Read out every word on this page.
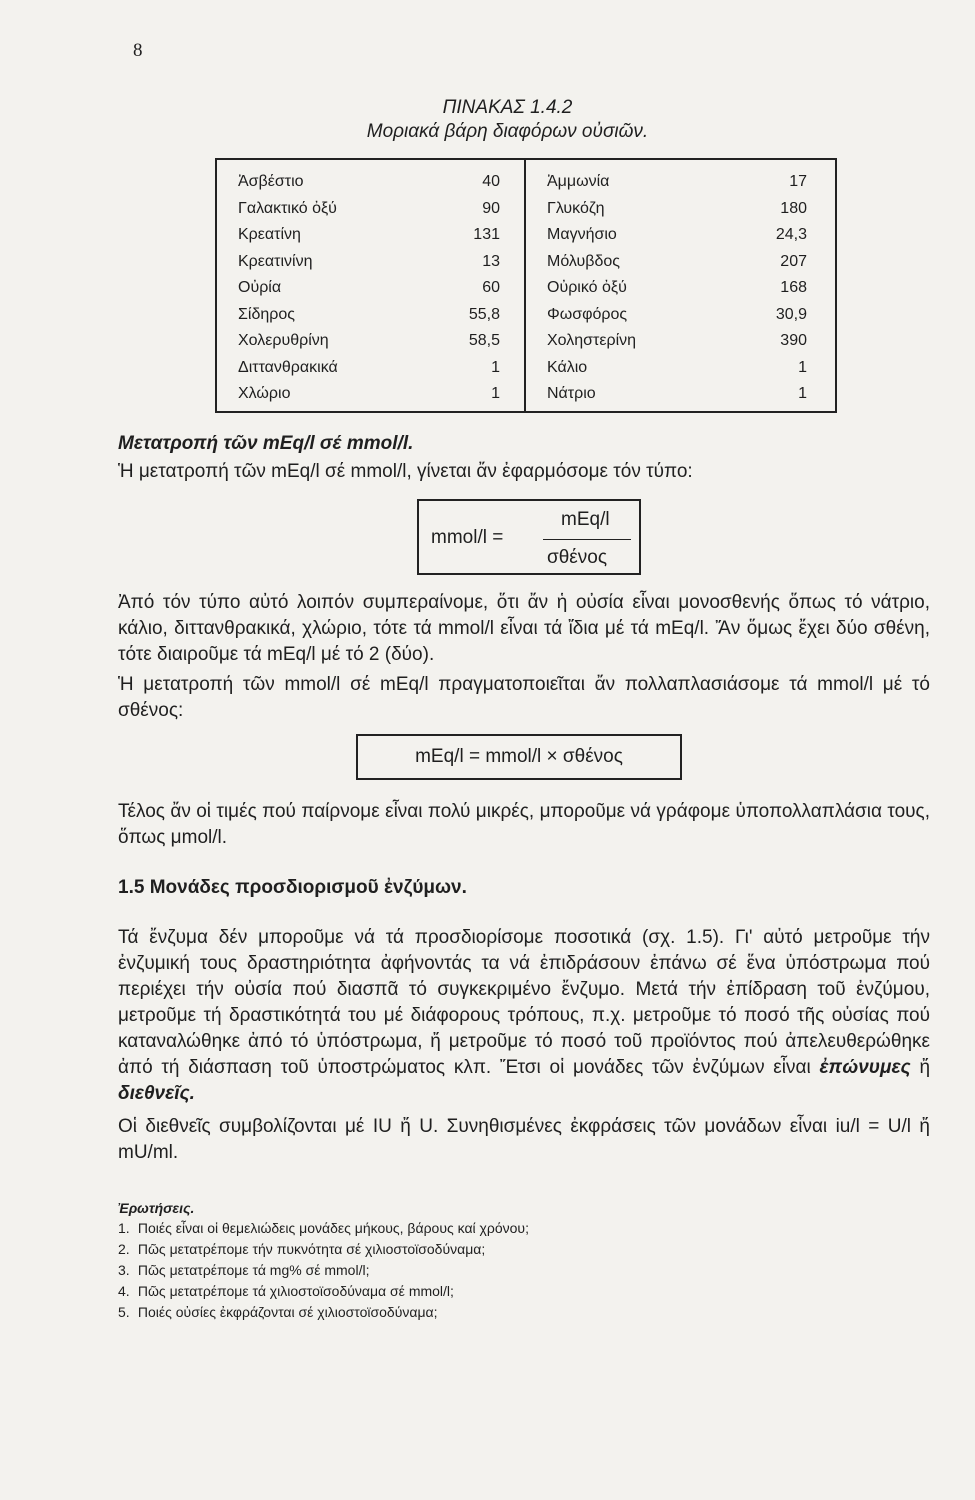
8
ΠΙΝΑΚΑΣ 1.4.2
Μοριακά βάρη διαφόρων οὐσιῶν.
Ἀσβέστιο	40
Γαλακτικό ὀξύ	90
Κρεατίνη	131
Κρεατινίνη	13
Οὐρία	60
Σίδηρος	55,8
Χολερυθρίνη	58,5
Διττανθρακικά	1
Χλώριο	1
Ἀμμωνία	17
Γλυκόζη	180
Μαγνήσιο	24,3
Μόλυβδος	207
Οὐρικό ὀξύ	168
Φωσφόρος	30,9
Χοληστερίνη	390
Κάλιο	1
Νάτριο	1
Μετατροπή τῶν mEq/l σέ mmol/l.

Ἡ μετατροπή τῶν mEq/l σέ mmol/l, γίνεται ἄν ἐφαρμόσομε τόν τύπο:

mmol/l =
mEq/l
σθένος

Ἀπό τόν τύπο αὐτό λοιπόν συμπεραίνομε, ὅτι ἄν ἡ οὐσία εἶναι μονοσθενής ὅπως τό νάτριο, κάλιο, διττανθρακικά, χλώριο, τότε τά mmol/l εἶναι τά ἴδια μέ τά mEq/l. Ἄν ὅμως ἔχει δύο σθένη, τότε διαιροῦμε τά mEq/l μέ τό 2 (δύο).

Ἡ μετατροπή τῶν mmol/l σέ mEq/l πραγματοποιεῖται ἄν πολλαπλασιάσομε τά mmol/l μέ τό σθένος:

mEq/l = mmol/l × σθένος

Τέλος ἄν οἱ τιμές πού παίρνομε εἶναι πολύ μικρές, μποροῦμε νά γράφομε ὑποπολλαπλάσια τους, ὅπως μmol/l.

1.5 Μονάδες προσδιορισμοῦ ἐνζύμων.

Τά ἔνζυμα δέν μποροῦμε νά τά προσδιορίσομε ποσοτικά (σχ. 1.5). Γι' αὐτό μετροῦμε τήν ἐνζυμική τους δραστηριότητα ἀφήνοντάς τα νά ἐπιδράσουν ἐπάνω σέ ἕνα ὑπόστρωμα πού περιέχει τήν οὐσία πού διασπᾶ τό συγκεκριμένο ἔνζυμο. Μετά τήν ἐπίδραση τοῦ ἐνζύμου, μετροῦμε τή δραστικότητά του μέ διάφορους τρόπους, π.χ. μετροῦμε τό ποσό τῆς οὐσίας πού καταναλώθηκε ἀπό τό ὑπόστρωμα, ἤ μετροῦμε τό ποσό τοῦ προϊόντος πού ἀπελευθερώθηκε ἀπό τή διάσπαση τοῦ ὑποστρώματος κλπ. Ἔτσι οἱ μονάδες τῶν ἐνζύμων εἶναι ἐπώνυμες ἤ διεθνεῖς.

Οἱ διεθνεῖς συμβολίζονται μέ IU ἤ U. Συνηθισμένες ἐκφράσεις τῶν μονάδων εἶναι iu/l = U/l ἤ mU/ml.

Ἐρωτήσεις.
1. Ποιές εἶναι οἱ θεμελιώδεις μονάδες μήκους, βάρους καί χρόνου;
2. Πῶς μετατρέπομε τήν πυκνότητα σέ χιλιοστοϊσοδύναμα;
3. Πῶς μετατρέπομε τά mg% σέ mmol/l;
4. Πῶς μετατρέπομε τά χιλιοστοϊσοδύναμα σέ mmol/l;
5. Ποιές οὐσίες ἐκφράζονται σέ χιλιοστοϊσοδύναμα;
